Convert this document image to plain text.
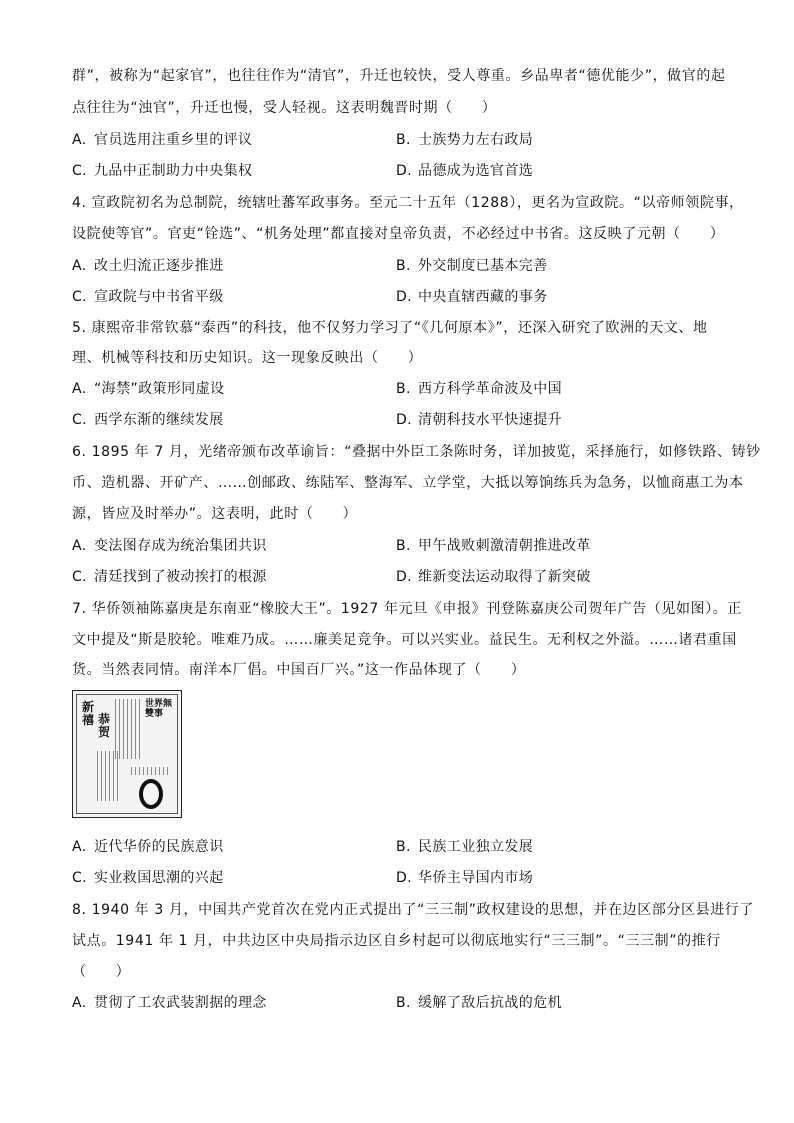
群”，被称为“起家官”，也往往作为“清官”，升迁也较快，受人尊重。乡品卑者“德优能少”，做官的起
点往往为“浊官”，升迁也慢，受人轻视。这表明魏晋时期（　　）
A. 官员选用注重乡里的评议	B. 士族势力左右政局
C. 九品中正制助力中央集权	D. 品德成为选官首选
4. 宣政院初名为总制院，统辖吐蕃军政事务。至元二十五年（1288），更名为宣政院。“以帝师领院事，
设院使等官”。官吏“铨选”、“机务处理”都直接对皇帝负责，不必经过中书省。这反映了元朝（　　）
A. 改土归流正逐步推进	B. 外交制度已基本完善
C. 宣政院与中书省平级	D. 中央直辖西藏的事务
5. 康熙帝非常钦慕“泰西”的科技，他不仅努力学习了“《几何原本》”，还深入研究了欧洲的天文、地
理、机械等科技和历史知识。这一现象反映出（　　）
A. “海禁”政策形同虚设	B. 西方科学革命波及中国
C. 西学东渐的继续发展	D. 清朝科技水平快速提升
6. 1895 年 7 月，光绪帝颁布改革谕旨：“叠据中外臣工条陈时务，详加披览，采择施行，如修铁路、铸钞
币、造机器、开矿产、……创邮政、练陆军、整海军、立学堂，大抵以筹饷练兵为急务，以恤商惠工为本
源，皆应及时举办”。这表明，此时（　　）
A. 变法图存成为统治集团共识	B. 甲午战败刺激清朝推进改革
C. 清廷找到了被动挨打的根源	D. 维新变法运动取得了新突破
7. 华侨领袖陈嘉庚是东南亚“橡胶大王”。1927 年元旦《申报》刊登陈嘉庚公司贺年广告（见如图）。正
文中提及“斯是胶轮。唯难乃成。……廉美足竞争。可以兴实业。益民生。无利权之外溢。……诸君重国
货。当然表同情。南洋本厂倡。中国百厂兴。”这一作品体现了（　　）
新禧 恭贺
世界無雙事
A. 近代华侨的民族意识	B. 民族工业独立发展
C. 实业救国思潮的兴起	D. 华侨主导国内市场
8. 1940 年 3 月，中国共产党首次在党内正式提出了“三三制”政权建设的思想，并在边区部分区县进行了
试点。1941 年 1 月，中共边区中央局指示边区自乡村起可以彻底地实行“三三制”。“三三制”的推行
（　　）
A. 贯彻了工农武装割据的理念	B. 缓解了敌后抗战的危机
